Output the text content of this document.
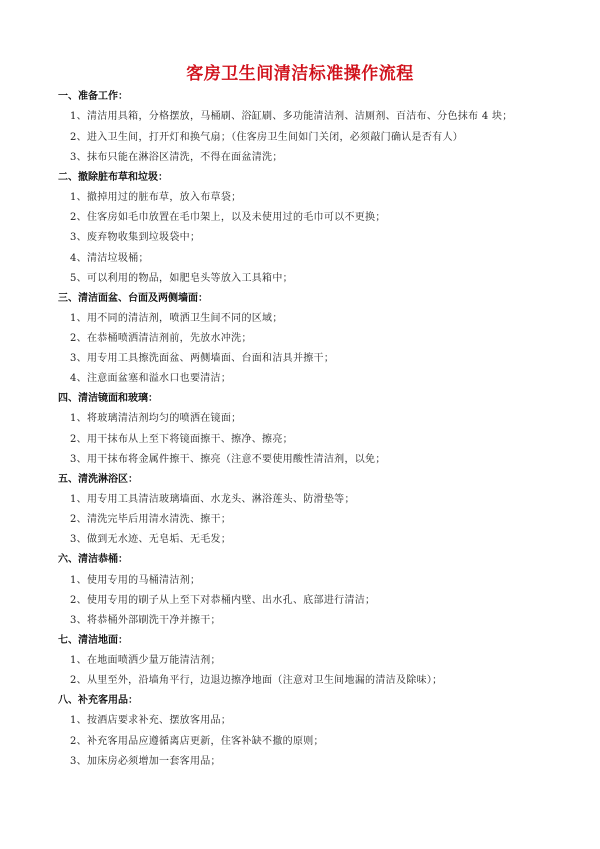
客房卫生间清洁标准操作流程
一、准备工作：
1、清洁用具箱，分格摆放，马桶刷、浴缸刷、多功能清洁剂、洁厕剂、百洁布、分色抹布 4 块；
2、进入卫生间，打开灯和换气扇；（住客房卫生间如门关闭，必须敲门确认是否有人）
3、抹布只能在淋浴区清洗，不得在面盆清洗；
二、撤除脏布草和垃圾：
1、撤掉用过的脏布草，放入布草袋；
2、住客房如毛巾放置在毛巾架上，以及未使用过的毛巾可以不更换；
3、废弃物收集到垃圾袋中；
4、清洁垃圾桶；
5、可以利用的物品，如肥皂头等放入工具箱中；
三、清洁面盆、台面及两侧墙面：
1、用不同的清洁剂，喷洒卫生间不同的区域；
2、在恭桶喷洒清洁剂前，先放水冲洗；
3、用专用工具擦洗面盆、两侧墙面、台面和洁具并擦干；
4、注意面盆塞和溢水口也要清洁；
四、清洁镜面和玻璃：
1、将玻璃清洁剂均匀的喷洒在镜面；
2、用干抹布从上至下将镜面擦干、擦净、擦亮；
3、用干抹布将金属件擦干、擦亮（注意不要使用酸性清洁剂，以免；
五、清洗淋浴区：
1、用专用工具清洁玻璃墙面、水龙头、淋浴莲头、防滑垫等；
2、清洗完毕后用清水清洗、擦干；
3、做到无水迹、无皂垢、无毛发；
六、清洁恭桶：
1、使用专用的马桶清洁剂；
2、使用专用的刷子从上至下对恭桶内壁、出水孔、底部进行清洁；
3、将恭桶外部刷洗干净并擦干；
七、清洁地面：
1、在地面喷洒少量万能清洁剂；
2、从里至外，沿墙角平行，边退边擦净地面（注意对卫生间地漏的清洁及除味）；
八、补充客用品：
1、按酒店要求补充、摆放客用品；
2、补充客用品应遵循离店更新，住客补缺不撤的原则；
3、加床房必须增加一套客用品；
